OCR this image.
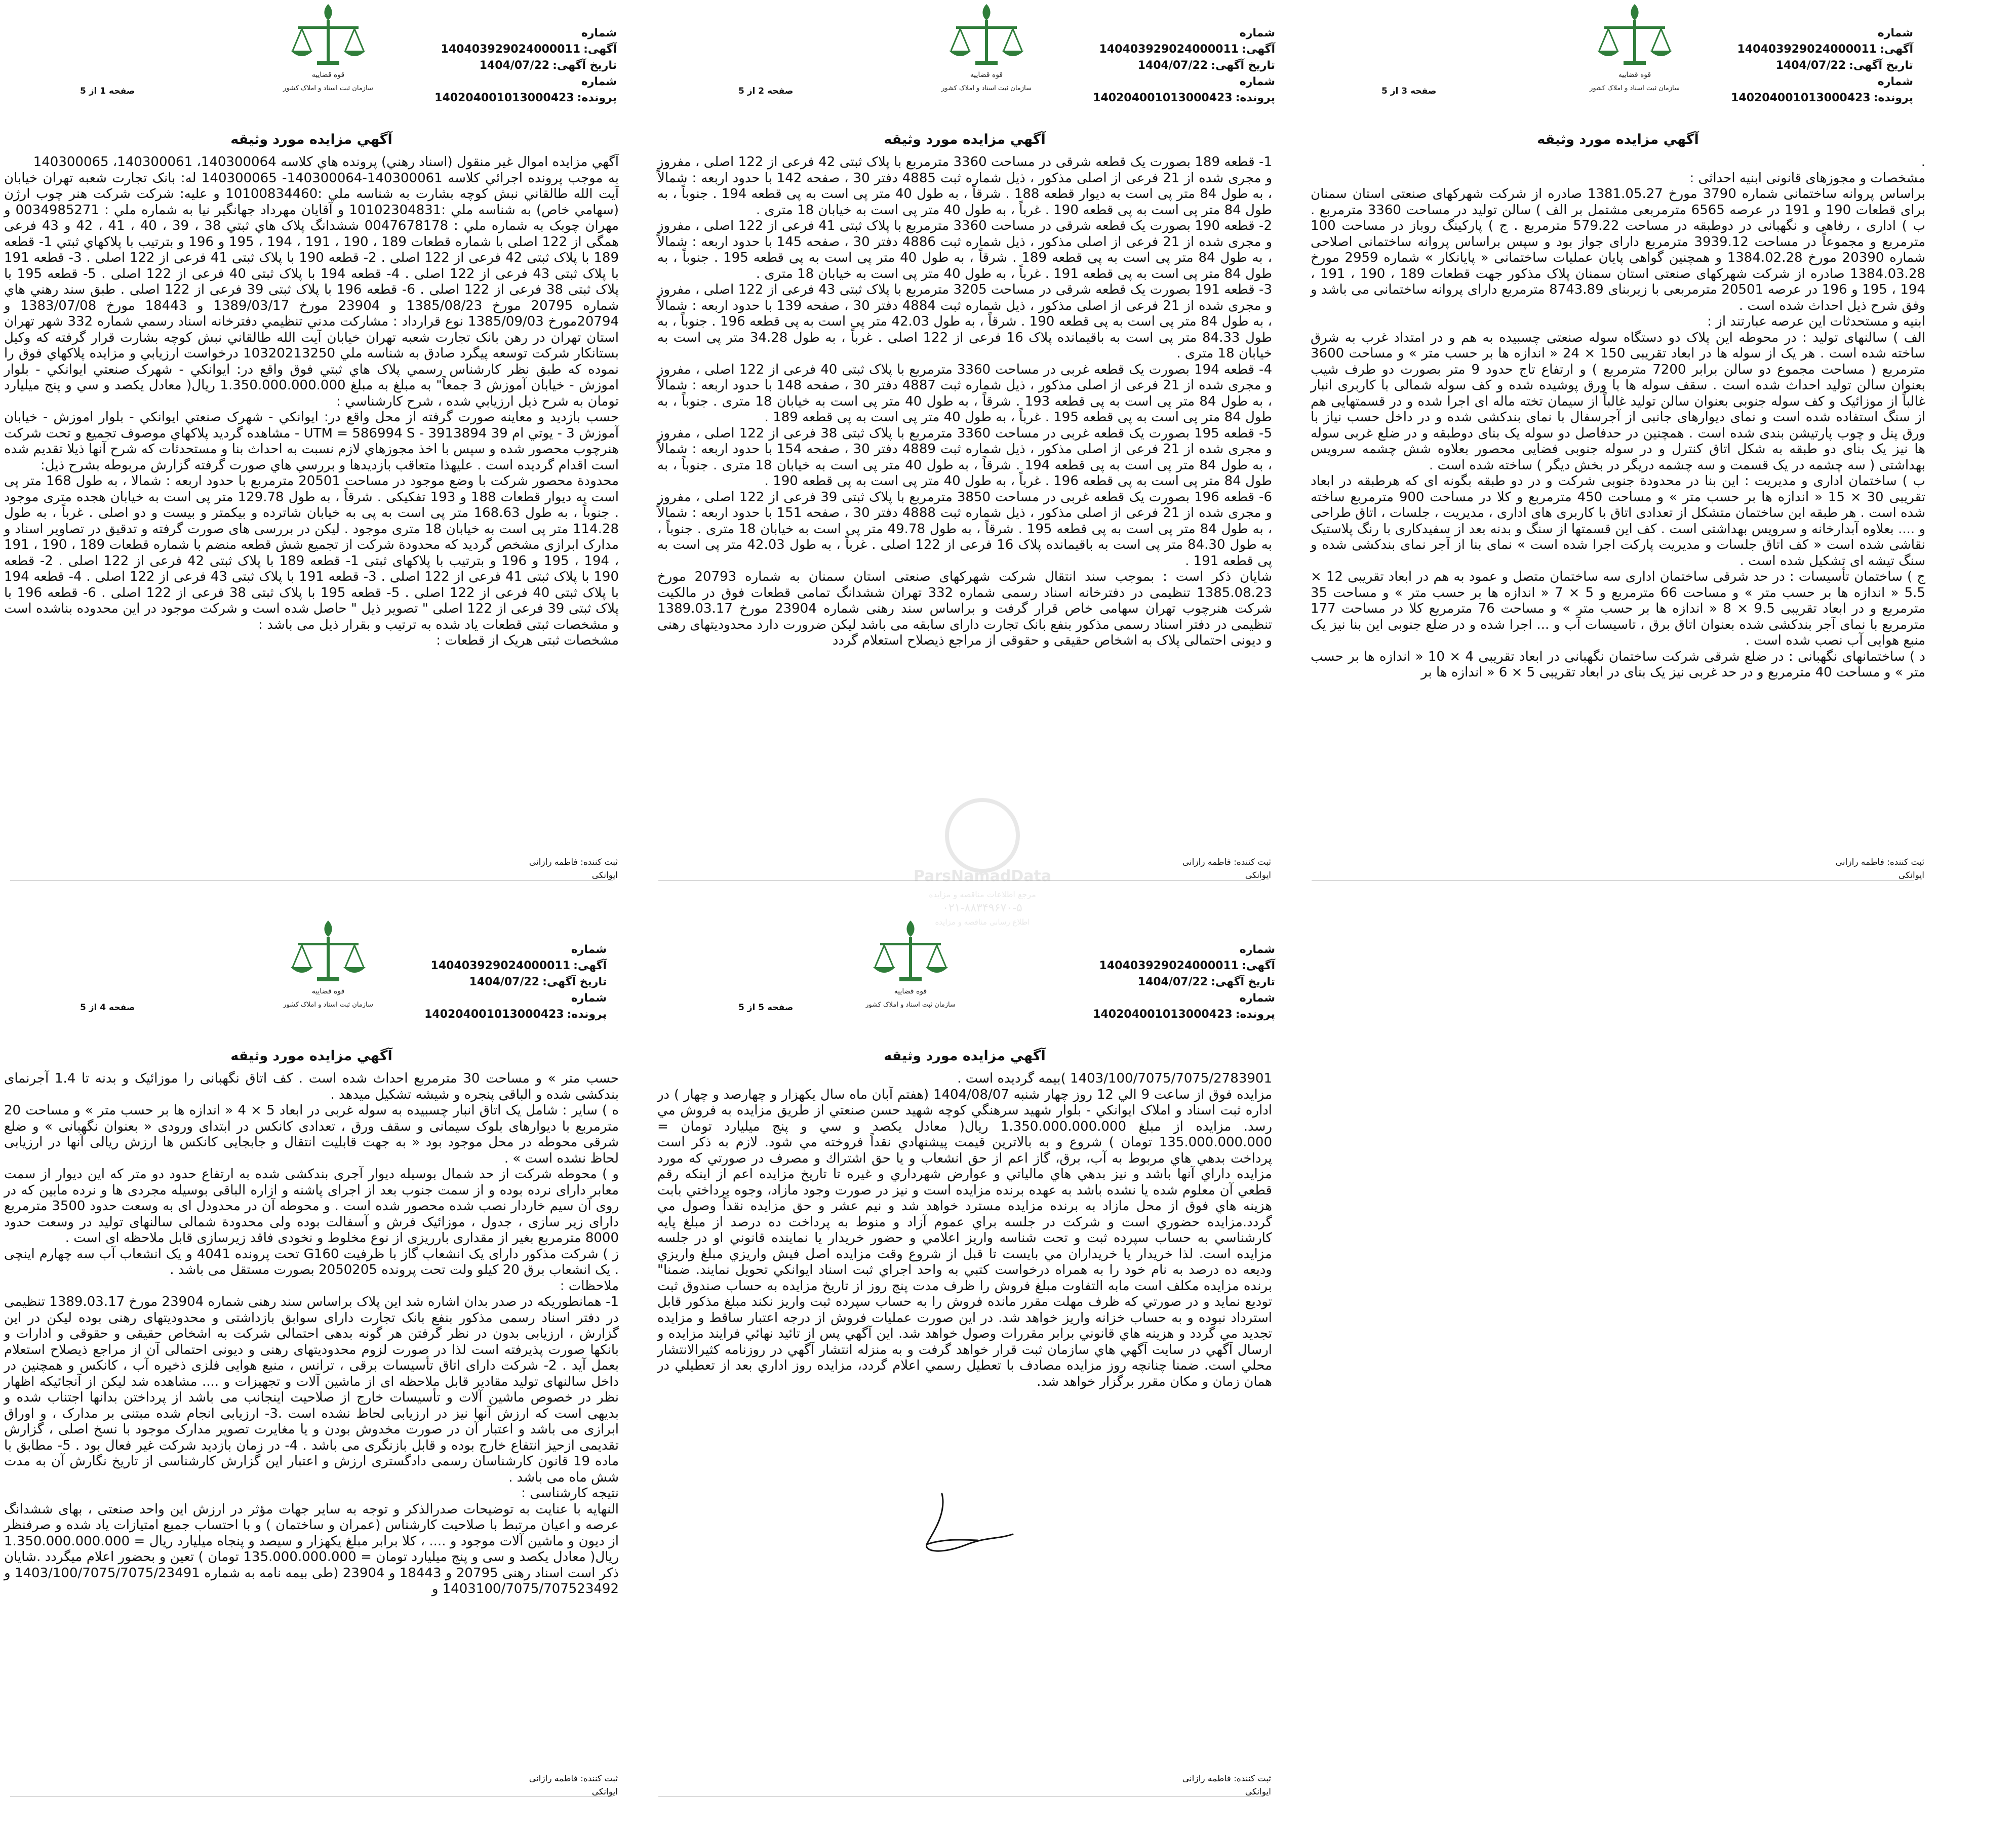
قوه قضاییه
سازمان ثبت اسناد و املاک کشور
شماره آگهی:140403929024000011
تاریخ آگهی:1404/07/22
شماره پرونده:140204001013000423
صفحه 1 از 5
آگهي مزايده مورد وثيقه
آگهي مزايده اموال غير منقول (اسناد رهني) پرونده هاي كلاسه 140300064، 140300061، 140300065
به موجب پرونده اجرائي كلاسه 140300061-140300064- 140300065 له: بانک تجارت شعبه تهران خيابان آيت الله طالقاني نبش كوچه بشارت به شناسه ملي :10100834460 و عليه: شركت شركت هنر چوب ارژن (سهامي خاص) به شناسه ملي :10102304831 و آقايان مهرداد جهانگير نيا به شماره ملي : 0034985271 و مهران چوبک به شماره ملي : 0047678178 ششدانگ پلاک هاي ثبتي 38 ، 39 ، 40 ، 41 ، 42 و 43 فرعی همگی از 122 اصلی با شماره قطعات 189 ، 190 ، 191 ، 194 ، 195 و 196 و بترتيب با پلاكهاي ثبتي 1- قطعه 189 با پلاک ثبتی 42 فرعی از 122 اصلی . 2- قطعه 190 با پلاک ثبتی 41 فرعی از 122 اصلی . 3- قطعه 191 با پلاک ثبتی 43 فرعی از 122 اصلی . 4- قطعه 194 با پلاک ثبتی 40 فرعی از 122 اصلی . 5- قطعه 195 با پلاک ثبتی 38 فرعی از 122 اصلی . 6- قطعه 196 با پلاک ثبتی 39 فرعی از 122 اصلی . طبق سند رهني هاي شماره 20795 مورخ 1385/08/23 و 23904 مورخ 1389/03/17 و 18443 مورخ 1383/07/08 و 20794مورخ 1385/09/03 نوع قرارداد : مشاركت مدني تنظيمي دفترخانه اسناد رسمي شماره 332 شهر تهران استان تهران در رهن بانک تجارت شعبه تهران خيابان آيت الله طالقاني نبش كوچه بشارت قرار گرفته كه وكيل بستانكار شركت توسعه پيگرد صادق به شناسه ملي 10320213250 درخواست ارزيابي و مزايده پلاكهاي فوق را نموده كه طبق نظر كارشناس رسمي پلاک هاي ثبتي فوق واقع در: ايوانكي - شهرک صنعتي ايوانكي - بلوار اموزش - خيابان آموزش 3 جمعاً" به مبلغ به مبلغ 1.350.000.000.000 ريال( معادل يكصد و سي و پنج ميليارد تومان به شرح ذيل ارزيابي شده ، شرح كارشناسي :
حسب بازديد و معاينه صورت گرفته از محل واقع در: ايوانكي - شهرک صنعتي ايوانكي - بلوار اموزش - خيابان آموزش 3 - يوتي ام 39 UTM = 586994 S - 3913894 - مشاهده گرديد پلاكهاي موصوف تجميع و تحت شرکت هنرچوب محصور شده و سپس با اخذ مجوزهاي لازم نسبت به احداث بنا و مستحدثات كه شرح آنها ذيلا تقديم شده است اقدام گرديده است . عليهذا متعاقب بازديدها و بررسي هاي صورت گرفته گزارش مربوطه بشرح ذيل:
محدودة محصور شركت با وضع موجود در مساحت 20501 مترمربع با حدود اربعه : شمالا ، به طول 168 متر پی است به ديوار قطعات 188 و 193 تفکیکی . شرقاً ، به طول 129.78 متر پی است به خیابان هجده متری موجود . جنوباً ، به طول 168.63 متر پی است به پی به خیابان شاترده و بیکمتر و بیست و دو اصلی . غرباً ، به طول 114.28 متر پی است به خیابان 18 متری موجود . لیکن در بررسی های صورت گرفته و تدقیق در تصاویر اسناد و مدارک ابرازی مشخص گردید که محدودة شرکت از تجمیع شش قطعه منضم با شماره قطعات 189 ، 190 ، 191 ، 194 ، 195 و 196 و بترتیب با پلاکهای ثبتی 1- قطعه 189 با پلاک ثبتی 42 فرعی از 122 اصلی . 2- قطعه 190 با پلاک ثبتی 41 فرعی از 122 اصلی . 3- قطعه 191 با پلاک ثبتی 43 فرعی از 122 اصلی . 4- قطعه 194 با پلاک ثبتی 40 فرعی از 122 اصلی . 5- قطعه 195 با پلاک ثبتی 38 فرعی از 122 اصلی . 6- قطعه 196 با پلاک ثبتی 39 فرعی از 122 اصلی " تصویر ذیل " حاصل شده است و شرکت موجود در این محدوده بناشده است و مشخصات ثبتی قطعات یاد شده به ترتیب و بقرار ذیل می باشد :
مشخصات ثبتی هریک از قطعات :
قوه قضاییه
سازمان ثبت اسناد و املاک کشور
شماره آگهی:140403929024000011
تاریخ آگهی:1404/07/22
شماره پرونده:140204001013000423
صفحه 2 از 5
آگهي مزايده مورد وثيقه
1- قطعه 189 بصورت یک قطعه شرقی در مساحت 3360 مترمربع با پلاک ثبتی 42 فرعی از 122 اصلی ، مفروز و مجری شده از 21 فرعی از اصلی مذکور ، ذیل شماره ثبت 4885 دفتر 30 ، صفحه 142 با حدود اربعه : شمالاً ، به طول 84 متر پی است به دیوار قطعه 188 . شرقاً ، به طول 40 متر پی است به پی قطعه 194 . جنوباً ، به طول 84 متر پی است به پی قطعه 190 . غرباً ، به طول 40 متر پی است به خیابان 18 متری .
2- قطعه 190 بصورت یک قطعه شرقی در مساحت 3360 مترمربع با پلاک ثبتی 41 فرعی از 122 اصلی ، مفروز و مجری شده از 21 فرعی از اصلی مذکور ، ذیل شماره ثبت 4886 دفتر 30 ، صفحه 145 با حدود اربعه : شمالاً ، به طول 84 متر پی است به پی قطعه 189 . شرقاً ، به طول 40 متر پی است به پی قطعه 195 . جنوباً ، به طول 84 متر پی است به پی قطعه 191 . غرباً ، به طول 40 متر پی است به خیابان 18 متری .
3- قطعه 191 بصورت یک قطعه شرقی در مساحت 3205 مترمربع با پلاک ثبتی 43 فرعی از 122 اصلی ، مفروز و مجری شده از 21 فرعی از اصلی مذکور ، ذیل شماره ثبت 4884 دفتر 30 ، صفحه 139 با حدود اربعه : شمالاً ، به طول 84 متر پی است به پی قطعه 190 . شرقاً ، به طول 42.03 متر پی است به پی قطعه 196 . جنوباً ، به طول 84.33 متر پی است به باقیمانده پلاک 16 فرعی از 122 اصلی . غرباً ، به طول 34.28 متر پی است به خیابان 18 متری .
4- قطعه 194 بصورت یک قطعه غربی در مساحت 3360 مترمربع با پلاک ثبتی 40 فرعی از 122 اصلی ، مفروز و مجری شده از 21 فرعی از اصلی مذکور ، ذیل شماره ثبت 4887 دفتر 30 ، صفحه 148 با حدود اربعه : شمالاً ، به طول 84 متر پی است به پی قطعه 193 . شرقاً ، به طول 40 متر پی است به خیابان 18 متری . جنوباً ، به طول 84 متر پی است به پی قطعه 195 . غرباً ، به طول 40 متر پی است به پی قطعه 189 .
5- قطعه 195 بصورت یک قطعه غربی در مساحت 3360 مترمربع با پلاک ثبتی 38 فرعی از 122 اصلی ، مفروز و مجری شده از 21 فرعی از اصلی مذکور ، ذیل شماره ثبت 4889 دفتر 30 ، صفحه 154 با حدود اربعه : شمالاً ، به طول 84 متر پی است به پی قطعه 194 . شرقاً ، به طول 40 متر پی است به خیابان 18 متری . جنوباً ، به طول 84 متر پی است به پی قطعه 196 . غرباً ، به طول 40 متر پی است به پی قطعه 190 .
6- قطعه 196 بصورت یک قطعه غربی در مساحت 3850 مترمربع با پلاک ثبتی 39 فرعی از 122 اصلی ، مفروز و مجری شده از 21 فرعی از اصلی مذکور ، ذیل شماره ثبت 4888 دفتر 30 ، صفحه 151 با حدود اربعه : شمالاً ، به طول 84 متر پی است به پی قطعه 195 . شرقاً ، به طول 49.78 متر پی است به خیابان 18 متری . جنوباً ، به طول 84.30 متر پی است به باقیمانده پلاک 16 فرعی از 122 اصلی . غرباً ، به طول 42.03 متر پی است به پی قطعه 191 .
شایان ذکر است : بموجب سند انتقال شرکت شهرکهای صنعتی استان سمنان به شماره 20793 مورخ 1385.08.23 تنظیمی در دفترخانه اسناد رسمی شماره 332 تهران ششدانگ تمامی قطعات فوق در مالکیت شرکت هنرچوب تهران سهامی خاص قرار گرفت و براساس سند رهنی شماره 23904 مورخ 1389.03.17 تنظیمی در دفتر اسناد رسمی مذکور بنفع بانک تجارت دارای سابقه می باشد لیکن ضرورت دارد محدودیتهای رهنی و دیونی احتمالی پلاک به اشخاص حقیقی و حقوقی از مراجع ذیصلاح استعلام گردد
قوه قضاییه
سازمان ثبت اسناد و املاک کشور
شماره آگهی:140403929024000011
تاریخ آگهی:1404/07/22
شماره پرونده:140204001013000423
صفحه 3 از 5
آگهي مزايده مورد وثيقه
.
مشخصات و مجوزهای قانونی ابنیه احداثی :
براساس پروانه ساختمانی شماره 3790 مورخ 1381.05.27 صادره از شرکت شهرکهای صنعتی استان سمنان برای قطعات 190 و 191 در عرصه 6565 مترمربعی مشتمل بر الف ) سالن تولید در مساحت 3360 مترمربع . ب ) اداری ، رفاهی و نگهبانی در دوطبقه در مساحت 579.22 مترمربع . ج ) پارکینگ روباز در مساحت 100 مترمربع و مجموعاً در مساحت 3939.12 مترمربع دارای جواز بود و سپس براساس پروانه ساختمانی اصلاحی شماره 20390 مورخ 1384.02.28 و همچنین گواهی پایان عملیات ساختمانی « پایانکار » شماره 2959 مورخ 1384.03.28 صادره از شرکت شهرکهای صنعتی استان سمنان پلاک مذکور جهت قطعات 189 ، 190 ، 191 ، 194 ، 195 و 196 در عرصه 20501 مترمربعی با زیربنای 8743.89 مترمربع دارای پروانه ساختمانی می باشد و وفق شرح ذیل احداث شده است .
ابنیه و مستحدثات این عرصه عبارتند از :
الف ) سالنهای تولید : در محوطه این پلاک دو دستگاه سوله صنعتی چسبیده به هم و در امتداد غرب به شرق ساخته شده است . هر یک از سوله ها در ابعاد تقریبی 150 × 24 « اندازه ها بر حسب متر » و مساحت 3600 مترمربع ( مساحت مجموع دو سالن برابر 7200 مترمربع ) و ارتفاع تاج حدود 9 متر بصورت دو طرف شیب بعنوان سالن تولید احداث شده است . سقف سوله ها با ورق پوشیده شده و کف سوله شمالی با کاربری انبار غالباً از موزائیک و کف سوله جنوبی بعنوان سالن تولید غالباً از سیمان تخته ماله ای اجرا شده و در قسمتهایی هم از سنگ استفاده شده است و نمای دیوارهای جانبی از آجرسفال با نمای بندکشی شده و در داخل حسب نیاز با ورق پنل و چوب پارتیشن بندی شده است . همچنین در حدفاصل دو سوله یک بنای دوطبقه و در ضلع غربی سوله ها نیز یک بنای دو طبقه به شکل اتاق کنترل و در سوله جنوبی فضایی محصور بعلاوه شش چشمه سرویس بهداشتی ( سه چشمه در یک قسمت و سه چشمه دریگر در بخش دیگر ) ساخته شده است .
ب ) ساختمان اداری و مدیریت : این بنا در محدودة جنوبی شرکت و در دو طبقه بگونه ای که هرطبقه در ابعاد تقریبی 30 × 15 « اندازه ها بر حسب متر » و مساحت 450 مترمربع و کلا در مساحت 900 مترمربع ساخته شده است . هر طبقه این ساختمان متشکل از تعدادی اتاق با کاربری های اداری ، مدیریت ، جلسات ، اتاق طراحی و .... بعلاوه آبدارخانه و سرویس بهداشتی است . کف این قسمتها از سنگ و بدنه بعد از سفیدکاری با رنگ پلاستیک نقاشی شده است « کف اتاق جلسات و مدیریت پارکت اجرا شده است » نمای بنا از آجر نمای بندکشی شده و سنگ تیشه ای تشکیل شده است .
ج ) ساختمان تأسیسات : در حد شرقی ساختمان اداری سه ساختمان متصل و عمود به هم در ابعاد تقریبی 12 × 5.5 « اندازه ها بر حسب متر » و مساحت 66 مترمربع و 5 × 7 « اندازه ها بر حسب متر » و مساحت 35 مترمربع و در ابعاد تقریبی 9.5 × 8 « اندازه ها بر حسب متر » و مساحت 76 مترمربع کلا در مساحت 177 مترمربع با نمای آجر بندکشی شده بعنوان اتاق برق ، تاسیسات آب و ... اجرا شده و در ضلع جنوبی این بنا نیز یک منبع هوایی آب نصب شده است .
د ) ساختمانهای نگهبانی : در ضلع شرقی شرکت ساختمان نگهبانی در ابعاد تقریبی 4 × 10 « اندازه ها بر حسب متر » و مساحت 40 مترمربع و در حد غربی نیز یک بنای در ابعاد تقریبی 5 × 6 « اندازه ها بر
قوه قضاییه
سازمان ثبت اسناد و املاک کشور
شماره آگهی:140403929024000011
تاریخ آگهی:1404/07/22
شماره پرونده:140204001013000423
صفحه 4 از 5
آگهي مزايده مورد وثيقه
حسب متر » و مساحت 30 مترمربع احداث شده است . کف اتاق نگهبانی را موزائیک و بدنه تا 1.4 آجرنمای بندکشی شده و الباقی پنجره و شیشه تشکیل میدهد .
ه ) سایر : شامل یک اتاق انبار چسبیده به سوله غربی در ابعاد 5 × 4 « اندازه ها بر حسب متر » و مساحت 20 مترمربع با دیوارهای بلوک سیمانی و سقف ورق ، تعدادی کانکس در ابتدای ورودی « بعنوان نگهبانی » و ضلع شرقی محوطه در محل موجود بود « به جهت قابلیت انتقال و جابجایی کانکس ها ارزش ریالی آنها در ارزیابی لحاظ نشده است » .
و ) محوطه شرکت از حد شمال بوسیله دیوار آجری بندکشی شده به ارتفاع حدود دو متر که این دیوار از سمت معابر دارای نرده بوده و از سمت جنوب بعد از اجرای پاشنه و ازاره الباقی بوسیله مجردی ها و نرده مابین که در روی آن سیم خاردار نصب شده محصور شده است . و محوطه آن در محدودل ای به وسعت حدود 3500 مترمربع دارای زیر سازی ، جدول ، موزائیک فرش و آسفالت بوده ولی محدودة شمالی سالنهای تولید در وسعت حدود 8000 مترمربع بغیر از مقداری بارریزی از نوع مخلوط و نخودی فاقد زیرسازی قابل ملاحظه ای است .
ز ) شرکت مذکور دارای یک انشعاب گاز با ظرفیت G160 تحت پرونده 4041 و یک انشعاب آب سه چهارم اینچی . یک انشعاب برق 20 کیلو ولت تحت پرونده 2050205 بصورت مستقل می باشد .
ملاحظات :
1- همانطوریکه در صدر بدان اشاره شد این پلاک براساس سند رهنی شماره 23904 مورخ 1389.03.17 تنظیمی در دفتر اسناد رسمی مذکور بنفع بانک تجارت دارای سوابق بازداشتی و محدودیتهای رهنی بوده لیکن در این گزارش ، ارزیابی بدون در نظر گرفتن هر گونه بدهی احتمالی شرکت به اشخاص حقیقی و حقوقی و ادارات و بانکها صورت پذیرفته است لذا در صورت لزوم محدودیتهای رهنی و دیونی احتمالی آن از مراجع ذیصلاح استعلام بعمل آید . 2- شرکت دارای اتاق تأسیسات برقی ، ترانس ، منبع هوایی فلزی ذخیره آب ، کانکس و همچنین در داخل سالنهای تولید مقادیر قابل ملاحظه ای از ماشین آلات و تجهیزات و .... مشاهده شد لیکن از آنجائیکه اظهار نظر در خصوص ماشین آلات و تأسیسات خارج از صلاحیت اینجانب می باشد از پرداختن بدانها اجتناب شده و بدیهی است که ارزش آنها نیز در ارزیابی لحاظ نشده است .3- ارزیابی انجام شده مبتنی بر مدارک ، و اوراق ابرازی می باشد و اعتبار آن در صورت مخدوش بودن و یا مغایرت تصویر مدارک موجود با نسخ اصلی ، گزارش تقدیمی ازحیز انتفاع خارج بوده و قابل بازنگری می باشد . 4- در زمان بازدید شرکت غیر فعال بود . 5- مطابق با ماده 19 قانون کارشناسان رسمی دادگستری ارزش و اعتبار این گزارش کارشناسی از تاریخ نگارش آن به مدت شش ماه می باشد .
نتیجه کارشناسی :
النهایه با عنایت به توضیحات صدرالذکر و توجه به سایر جهات مؤثر در ارزش این واحد صنعتی ، بهای ششدانگ عرصه و اعیان مرتبط با صلاحیت کارشناس (عمران و ساختمان ) و با احتساب جمیع امتیازات یاد شده و صرفنظر از دیون و ماشین آلات موجود و .... ، کلا برابر مبلغ یکهزار و سیصد و پنجاه میلیارد ریال = 1.350.000.000.000 ریال( معادل یکصد و سی و پنج میلیارد تومان = 135.000.000.000 تومان ) تعین و بحضور اعلام میگردد .شایان ذکر است اسناد رهنی 20795 و 18443 و 23904 (طی بیمه نامه به شماره 1403/100/7075/7075/23491 و 1403100/7075/707523492 و
قوه قضاییه
سازمان ثبت اسناد و املاک کشور
شماره آگهی:140403929024000011
تاریخ آگهی:1404/07/22
شماره پرونده:140204001013000423
صفحه 5 از 5
آگهي مزايده مورد وثيقه
1403/100/7075/7075/2783901 )بیمه گردیده است .
مزايده فوق از ساعت 9 الي 12 روز چهار شنبه 1404/08/07 (هفتم آبان ماه سال یکهزار و چهارصد و چهار ) در اداره ثبت اسناد و املاک ايوانكي - بلوار شهيد سرهنگي كوچه شهيد حسن صنعتي از طريق مزايده به فروش مي رسد. مزايده از مبلغ 1.350.000.000.000 ريال( معادل يكصد و سي و پنج ميليارد تومان = 135.000.000.000 تومان ) شروع و به بالاترين قيمت پيشنهادي نقداً فروخته مي شود. لازم به ذكر است پرداخت بدهي هاي مربوط به آب، برق، گاز اعم از حق انشعاب و يا حق اشتراك و مصرف در صورتي كه مورد مزايده داراي آنها باشد و نيز بدهي هاي مالياتي و عوارض شهرداري و غيره تا تاريخ مزايده اعم از اينكه رقم قطعي آن معلوم شده يا نشده باشد به عهده برنده مزايده است و نيز در صورت وجود مازاد، وجوه پرداختي بابت هزينه هاي فوق از محل مازاد به برنده مزايده مسترد خواهد شد و نيم عشر و حق مزايده نقداً وصول مي گردد.مزايده حضوري است و شركت در جلسه براي عموم آزاد و منوط به پرداخت ده درصد از مبلغ پايه كارشناسي به حساب سپرده ثبت و تحت شناسه واريز اعلامي و حضور خريدار يا نماينده قانوني او در جلسه مزايده است. لذا خريدار يا خريداران مي بايست تا قبل از شروع وقت مزايده اصل فيش واريزي مبلغ واريزي وديعه ده درصد به نام خود را به همراه درخواست كتبي به واحد اجراي ثبت اسناد ايوانكي تحويل نمايند. ضمنا" برنده مزايده مكلف است مابه التفاوت مبلغ فروش را ظرف مدت پنج روز از تاريخ مزايده به حساب صندوق ثبت توديع نمايد و در صورتي كه ظرف مهلت مقرر مانده فروش را به حساب سپرده ثبت واريز نكند مبلغ مذكور قابل استرداد نبوده و به حساب خزانه واريز خواهد شد. در اين صورت عمليات فروش از درجه اعتبار ساقط و مزايده تجديد مي گردد و هزينه هاي قانوني برابر مقررات وصول خواهد شد. اين آگهي پس از تائيد نهائي فرايند مزايده و ارسال آگهي در سايت آگهي هاي سازمان ثبت قرار خواهد گرفت و به منزله انتشار آگهي در روزنامه كثيرالانتشار محلي است. ضمنا چنانچه روز مزايده مصادف با تعطيل رسمي اعلام گردد، مزايده روز اداري بعد از تعطيلي در همان زمان و مكان مقرر برگزار خواهد شد.
ثبت کننده: فاطمه رازانی
ایوانکی
ثبت کننده: فاطمه رازانی
ایوانکی
ثبت کننده: فاطمه رازانی
ایوانکی
ثبت کننده: فاطمه رازانی
ایوانکی
ثبت کننده: فاطمه رازانی
ایوانکی
ParsNamadData
مرجع اطلاعات مناقصه و مزایده
۰۲۱-۸۸۳۴۹۶۷۰-۵
اطلاع رسانی مناقصه و مزایده
